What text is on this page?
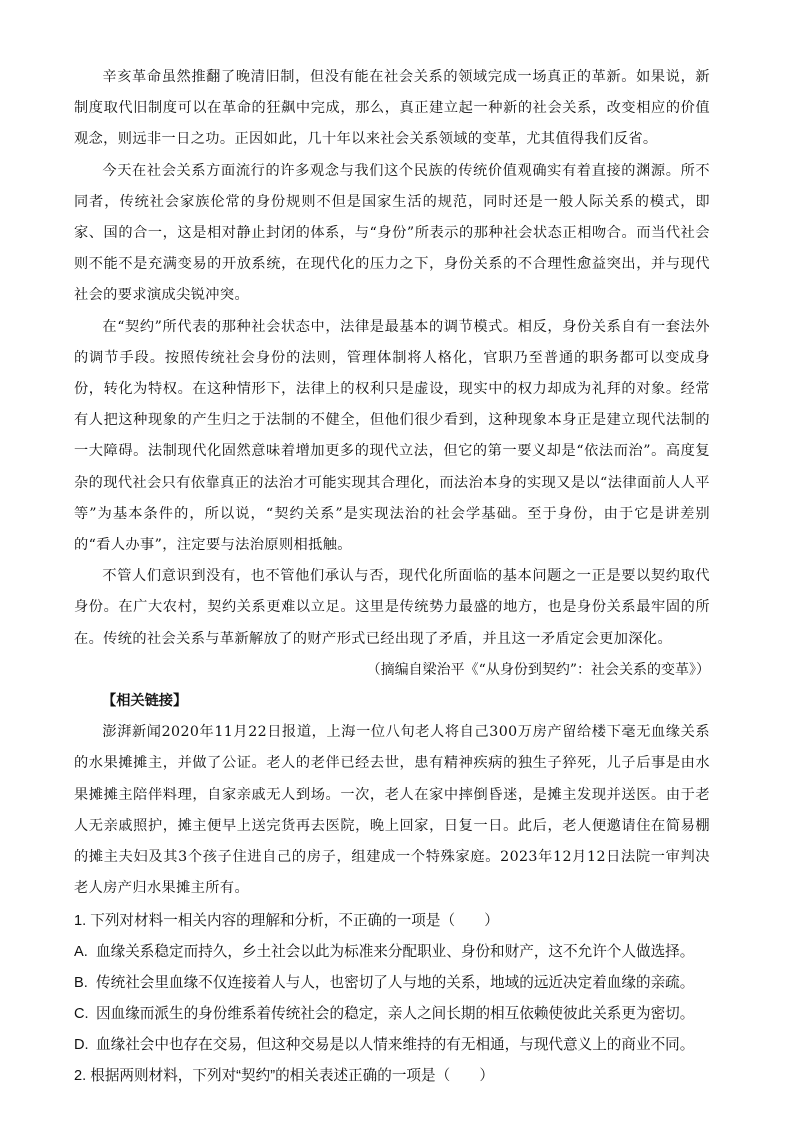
辛亥革命虽然推翻了晚清旧制，但没有能在社会关系的领域完成一场真正的革新。如果说，新制度取代旧制度可以在革命的狂飙中完成，那么，真正建立起一种新的社会关系，改变相应的价值观念，则远非一日之功。正因如此，几十年以来社会关系领域的变革，尤其值得我们反省。

今天在社会关系方面流行的许多观念与我们这个民族的传统价值观确实有着直接的渊源。所不同者，传统社会家族伦常的身份规则不但是国家生活的规范，同时还是一般人际关系的模式，即家、国的合一，这是相对静止封闭的体系，与“身份”所表示的那种社会状态正相吻合。而当代社会则不能不是充满变易的开放系统，在现代化的压力之下，身份关系的不合理性愈益突出，并与现代社会的要求演成尖锐冲突。

在“契约”所代表的那种社会状态中，法律是最基本的调节模式。相反，身份关系自有一套法外的调节手段。按照传统社会身份的法则，管理体制将人格化，官职乃至普通的职务都可以变成身份，转化为特权。在这种情形下，法律上的权利只是虚设，现实中的权力却成为礼拜的对象。经常有人把这种现象的产生归之于法制的不健全，但他们很少看到，这种现象本身正是建立现代法制的一大障碍。法制现代化固然意味着增加更多的现代立法，但它的第一要义却是“依法而治”。高度复杂的现代社会只有依靠真正的法治才可能实现其合理化，而法治本身的实现又是以“法律面前人人平等”为基本条件的，所以说，“契约关系”是实现法治的社会学基础。至于身份，由于它是讲差别的“看人办事”，注定要与法治原则相抵触。

不管人们意识到没有，也不管他们承认与否，现代化所面临的基本问题之一正是要以契约取代身份。在广大农村，契约关系更难以立足。这里是传统势力最盛的地方，也是身份关系最牢固的所在。传统的社会关系与革新解放了的财产形式已经出现了矛盾，并且这一矛盾定会更加深化。

（摘编自梁治平《“从身份到契约”：社会关系的变革》）

【相关链接】

澎湃新闻2020年11月22日报道，上海一位八旬老人将自己300万房产留给楼下毫无血缘关系的水果摊摊主，并做了公证。老人的老伴已经去世，患有精神疾病的独生子猝死，儿子后事是由水果摊摊主陪伴料理，自家亲戚无人到场。一次，老人在家中摔倒昏迷，是摊主发现并送医。由于老人无亲戚照护，摊主便早上送完货再去医院，晚上回家，日复一日。此后，老人便邀请住在简易棚的摊主夫妇及其3个孩子住进自己的房子，组建成一个特殊家庭。2023年12月12日法院一审判决老人房产归水果摊主所有。

1. 下列对材料一相关内容的理解和分析，不正确的一项是（　　）

A. 血缘关系稳定而持久，乡土社会以此为标准来分配职业、身份和财产，这不允许个人做选择。

B. 传统社会里血缘不仅连接着人与人，也密切了人与地的关系，地域的远近决定着血缘的亲疏。

C. 因血缘而派生的身份维系着传统社会的稳定，亲人之间长期的相互依赖使彼此关系更为密切。

D. 血缘社会中也存在交易，但这种交易是以人情来维持的有无相通，与现代意义上的商业不同。

2. 根据两则材料，下列对“契约”的相关表述正确的一项是（　　）
